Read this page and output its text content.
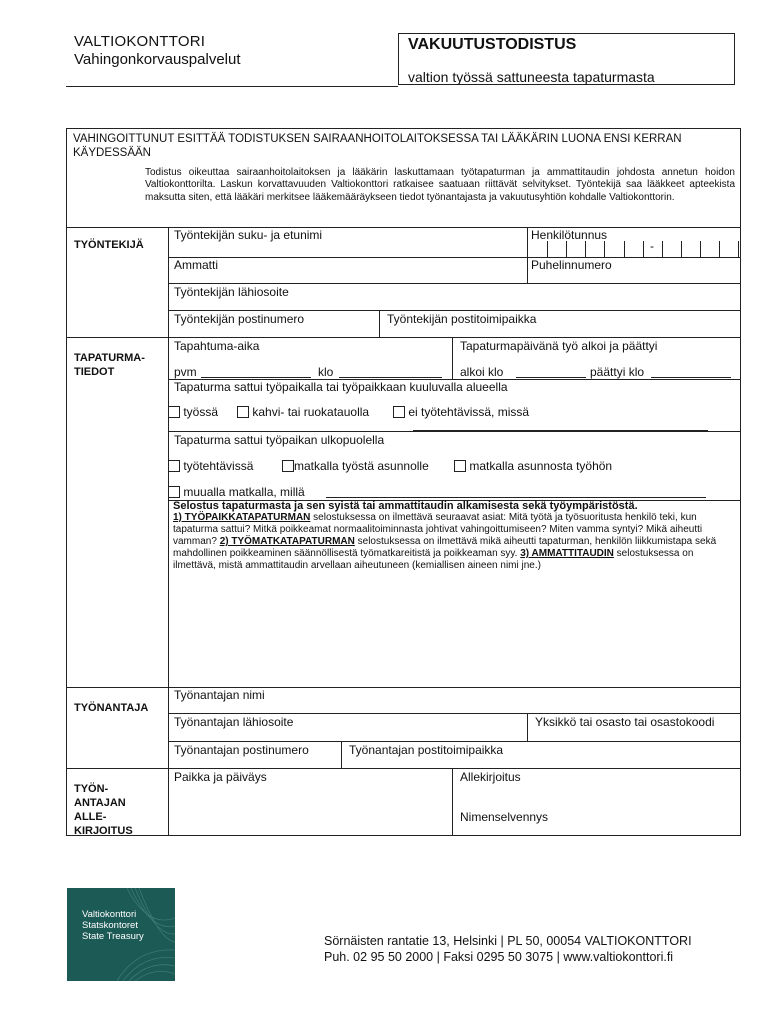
VALTIOKONTTORI
Vahingonkorvauspalvelut
VAKUUTUSTODISTUS
valtion työssä sattuneesta tapaturmasta
VAHINGOITTUNUT ESITTÄÄ TODISTUKSEN SAIRAANHOITOLAITOKSESSA TAI LÄÄKÄRIN LUONA ENSI KERRAN KÄYDESSÄÄN
Todistus oikeuttaa sairaanhoitolaitoksen ja lääkärin laskuttamaan työtapaturman ja ammattitaudin johdosta annetun hoidon Valtiokonttorilta. Laskun korvattavuuden Valtiokonttori ratkaisee saatuaan riittävät selvitykset. Työntekijä saa lääkkeet apteekista maksutta siten, että lääkäri merkitsee lääkemääräykseen tiedot työnantajasta ja vakuutusyhtiön kohdalle Valtiokonttorin.
-
TYÖNTEKIJÄ
Työntekijän suku- ja etunimi	Henkilötunnus
Ammatti	Puhelinnumero
Työntekijän lähiosoite
Työntekijän postinumero	Työntekijän postitoimipaikka
TAPATURMA-
TIEDOT
Tapahtuma-aika	Tapaturmapäivänä työ alkoi ja päättyi
pvm	klo	alkoi klo	päättyi klo
Tapaturma sattui työpaikalla tai työpaikkaan kuuluvalla alueella
työssä	kahvi- tai ruokatauolla	ei työtehtävissä, missä
Tapaturma sattui työpaikan ulkopuolella
työtehtävissä	matkalla työstä asunnolle	matkalla asunnosta työhön
muualla matkalla, millä
Selostus tapaturmasta ja sen syistä tai ammattitaudin alkamisesta sekä työympäristöstä.
1) TYÖPAIKKATAPATURMAN selostuksessa on ilmettävä seuraavat asiat: Mitä työtä ja työsuoritusta henkilö teki, kun tapaturma sattui? Mitkä poikkeamat normaalitoiminnasta johtivat vahingoittumiseen? Miten vamma syntyi? Mikä aiheutti vamman? 2) TYÖMATKATAPATURMAN selostuksessa on ilmettävä mikä aiheutti tapaturman, henkilön liikkumistapa sekä mahdollinen poikkeaminen säännöllisestä työmatkareitistä ja poikkeaman syy. 3) AMMATTITAUDIN selostuksessa on ilmettävä, mistä ammattitaudin arvellaan aiheutuneen (kemiallisen aineen nimi jne.)
TYÖNANTAJA
Työnantajan nimi
Työnantajan lähiosoite	Yksikkö tai osasto tai osastokoodi
Työnantajan postinumero	Työnantajan postitoimipaikka
TYÖN-
ANTAJAN
ALLE-
KIRJOITUS
Paikka ja päiväys	Allekirjoitus
Nimenselvennys
Valtiokonttori
Statskontoret
State Treasury	Sörnäisten rantatie 13, Helsinki | PL 50, 00054 VALTIOKONTTORI
Puh. 02 95 50 2000 | Faksi 0295 50 3075 | www.valtiokonttori.fi
